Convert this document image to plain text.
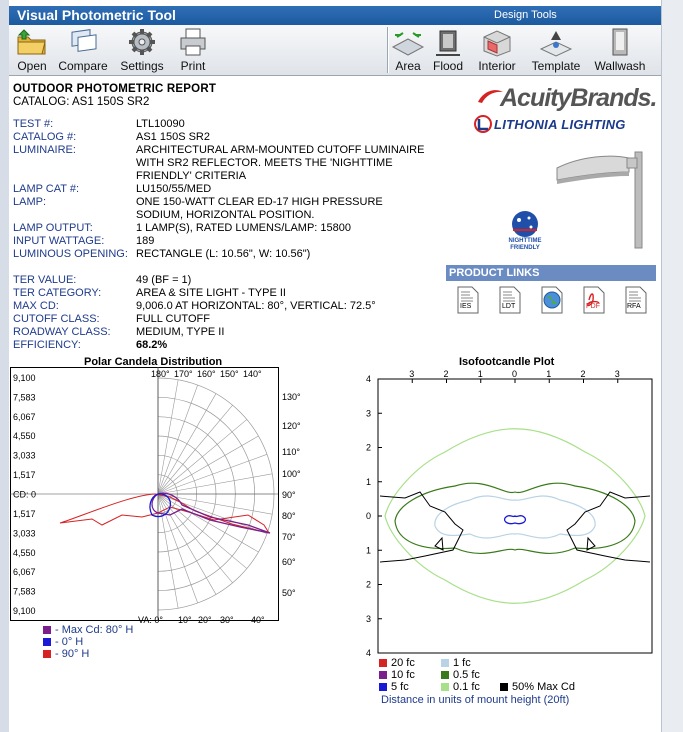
Visual Photometric Tool	Design Tools
Open Compare Settings	Print	Area	Flood Interior	Template	Wallwash
OUTDOOR PHOTOMETRIC REPORT
CATALOG: AS1 150S SR2
TEST #:	LTL10090
CATALOG #:	AS1 150S SR2
LUMINAIRE:	ARCHITECTURAL ARM-MOUNTED CUTOFF LUMINAIRE WITH SR2 REFLECTOR. MEETS THE 'NIGHTTIME FRIENDLY' CRITERIA
LAMP CAT #:	LU150/55/MED
LAMP:	ONE 150-WATT CLEAR ED-17 HIGH PRESSURE SODIUM, HORIZONTAL POSITION.
LAMP OUTPUT:	1 LAMP(S), RATED LUMENS/LAMP: 15800
INPUT WATTAGE:	189
LUMINOUS OPENING: RECTANGLE (L: 10.56", W: 10.56")
TER VALUE:	49 (BF = 1)
TER CATEGORY:	AREA & SITE LIGHT - TYPE II
MAX CD:	9,006.0 AT HORIZONTAL: 80°, VERTICAL: 72.5°
CUTOFF CLASS:	FULL CUTOFF
ROADWAY CLASS: MEDIUM, TYPE II
EFFICIENCY:	68.2%
AcuityBrands.
LITHONIA LIGHTING
NIGHTTIME FRIENDLY
PRODUCT LINKS
IES	LDT	PDF	RFA
Polar Candela Distribution
9,100
7,583
6,067
4,550
3,033
1,517
CD: 0
1,517
3,033
4,550
6,067
7,583
9,100
180° 170° 160° 150° 140°
130°
120°
110°
100°
90°
80°
70°
60°
50°
VA: 0° 10° 20° 30° 40°
- Max Cd: 80° H
- 0° H
- 90° H
Isofootcandle Plot
3	2	1	0	1	2	3
4
3
2
1
0
1
2
3
4
20 fc	1 fc
10 fc	0.5 fc
5 fc	0.1 fc	50% Max Cd
Distance in units of mount height (20ft)
